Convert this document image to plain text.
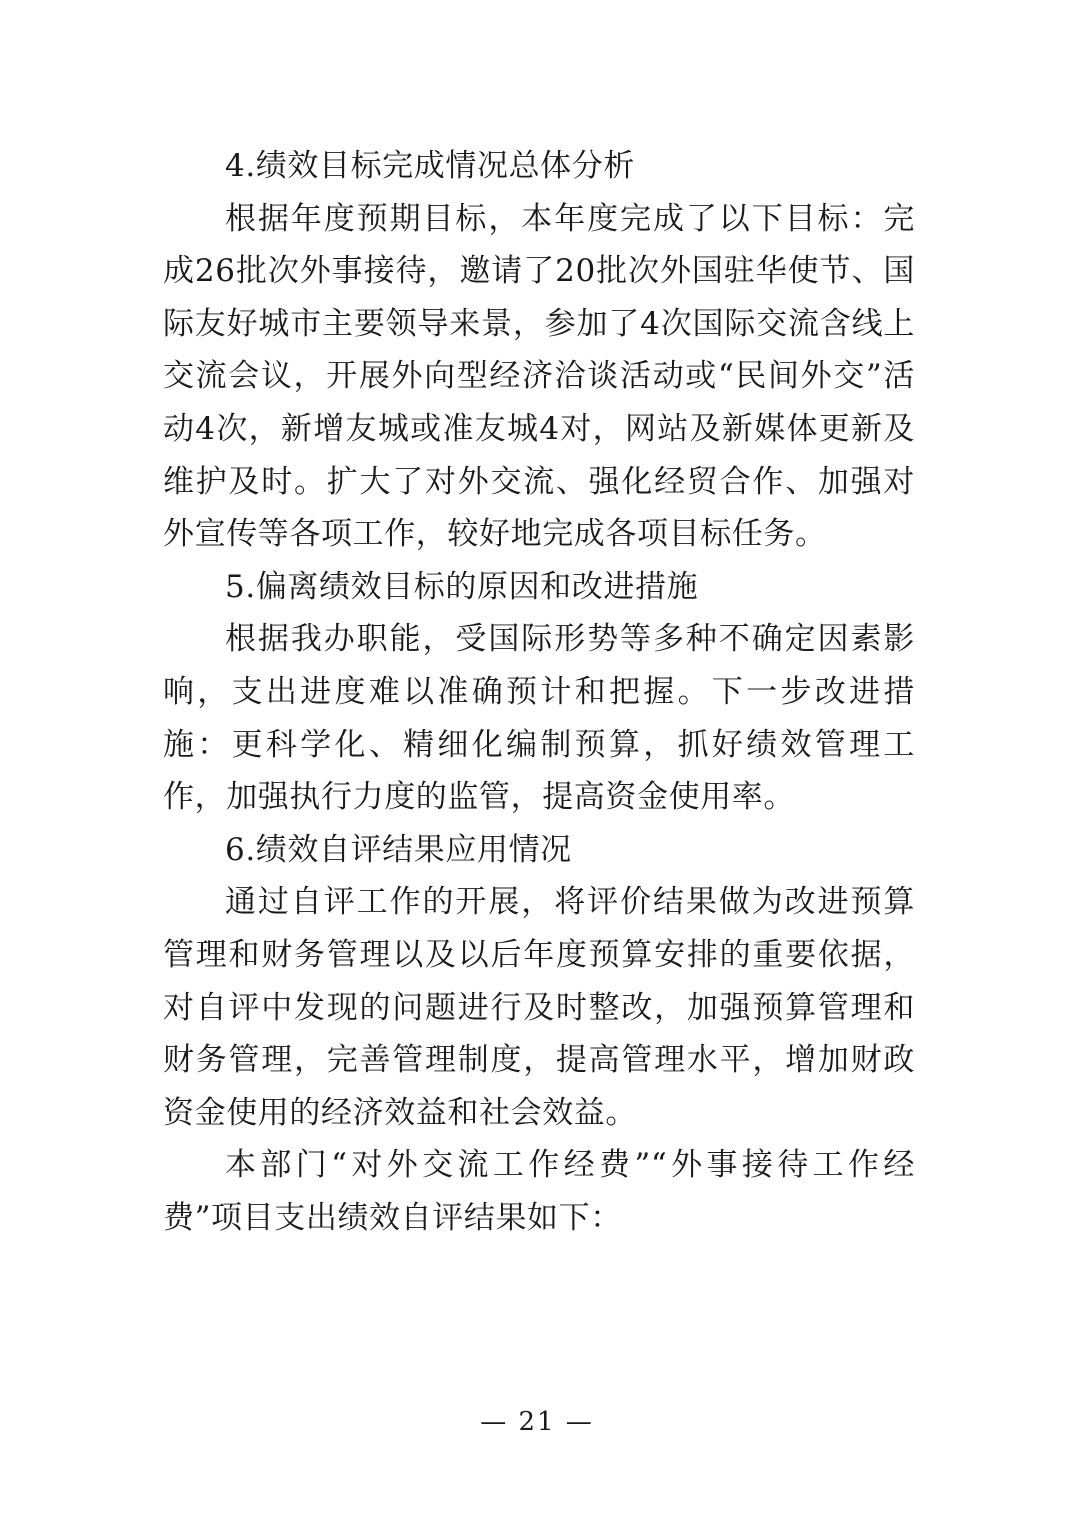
4.绩效目标完成情况总体分析

根据年度预期目标，本年度完成了以下目标：完成26批次外事接待，邀请了20批次外国驻华使节、国际友好城市主要领导来景，参加了4次国际交流含线上交流会议，开展外向型经济洽谈活动或“民间外交”活动4次，新增友城或准友城4对，网站及新媒体更新及维护及时。扩大了对外交流、强化经贸合作、加强对外宣传等各项工作，较好地完成各项目标任务。

5.偏离绩效目标的原因和改进措施

根据我办职能，受国际形势等多种不确定因素影响，支出进度难以准确预计和把握。下一步改进措施：更科学化、精细化编制预算，抓好绩效管理工作，加强执行力度的监管，提高资金使用率。

6.绩效自评结果应用情况

通过自评工作的开展，将评价结果做为改进预算管理和财务管理以及以后年度预算安排的重要依据，对自评中发现的问题进行及时整改，加强预算管理和财务管理，完善管理制度，提高管理水平，增加财政资金使用的经济效益和社会效益。

本部门“对外交流工作经费”“外事接待工作经费”项目支出绩效自评结果如下：

— 21 —
